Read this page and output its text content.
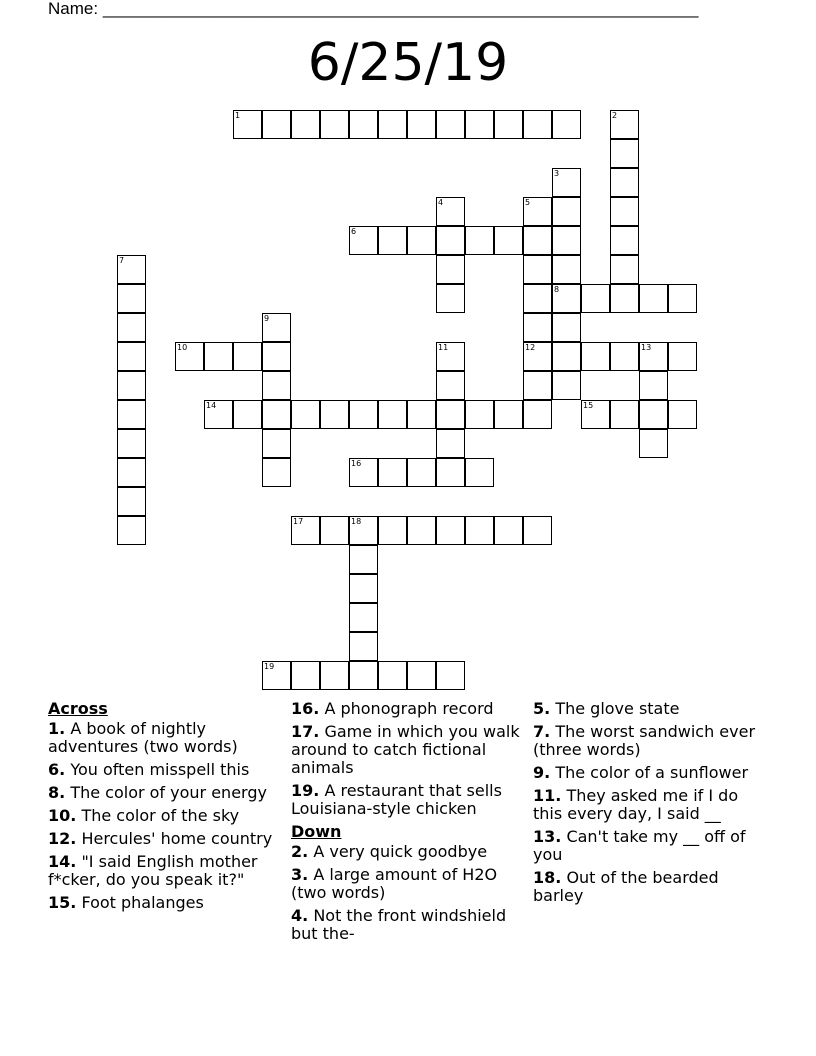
Name: _______________________________________________________________
6/25/19
1	2
3
8
4	5
12
6
7
9
10	11	13
14	15
16
17	18
19
Across
1. A book of nightly adventures (two words)
6. You often misspell this
8. The color of your energy
10. The color of the sky
12. Hercules' home country
14. "I said English mother f*cker, do you speak it?"
15. Foot phalanges
16. A phonograph record
17. Game in which you walk around to catch fictional animals
19. A restaurant that sells Louisiana-style chicken
Down
2. A very quick goodbye
3. A large amount of H2O (two words)
4. Not the front windshield but the-
5. The glove state
7. The worst sandwich ever (three words)
9. The color of a sunflower
11. They asked me if I do this every day, I said __
13. Can't take my __ off of you
18. Out of the bearded barley
